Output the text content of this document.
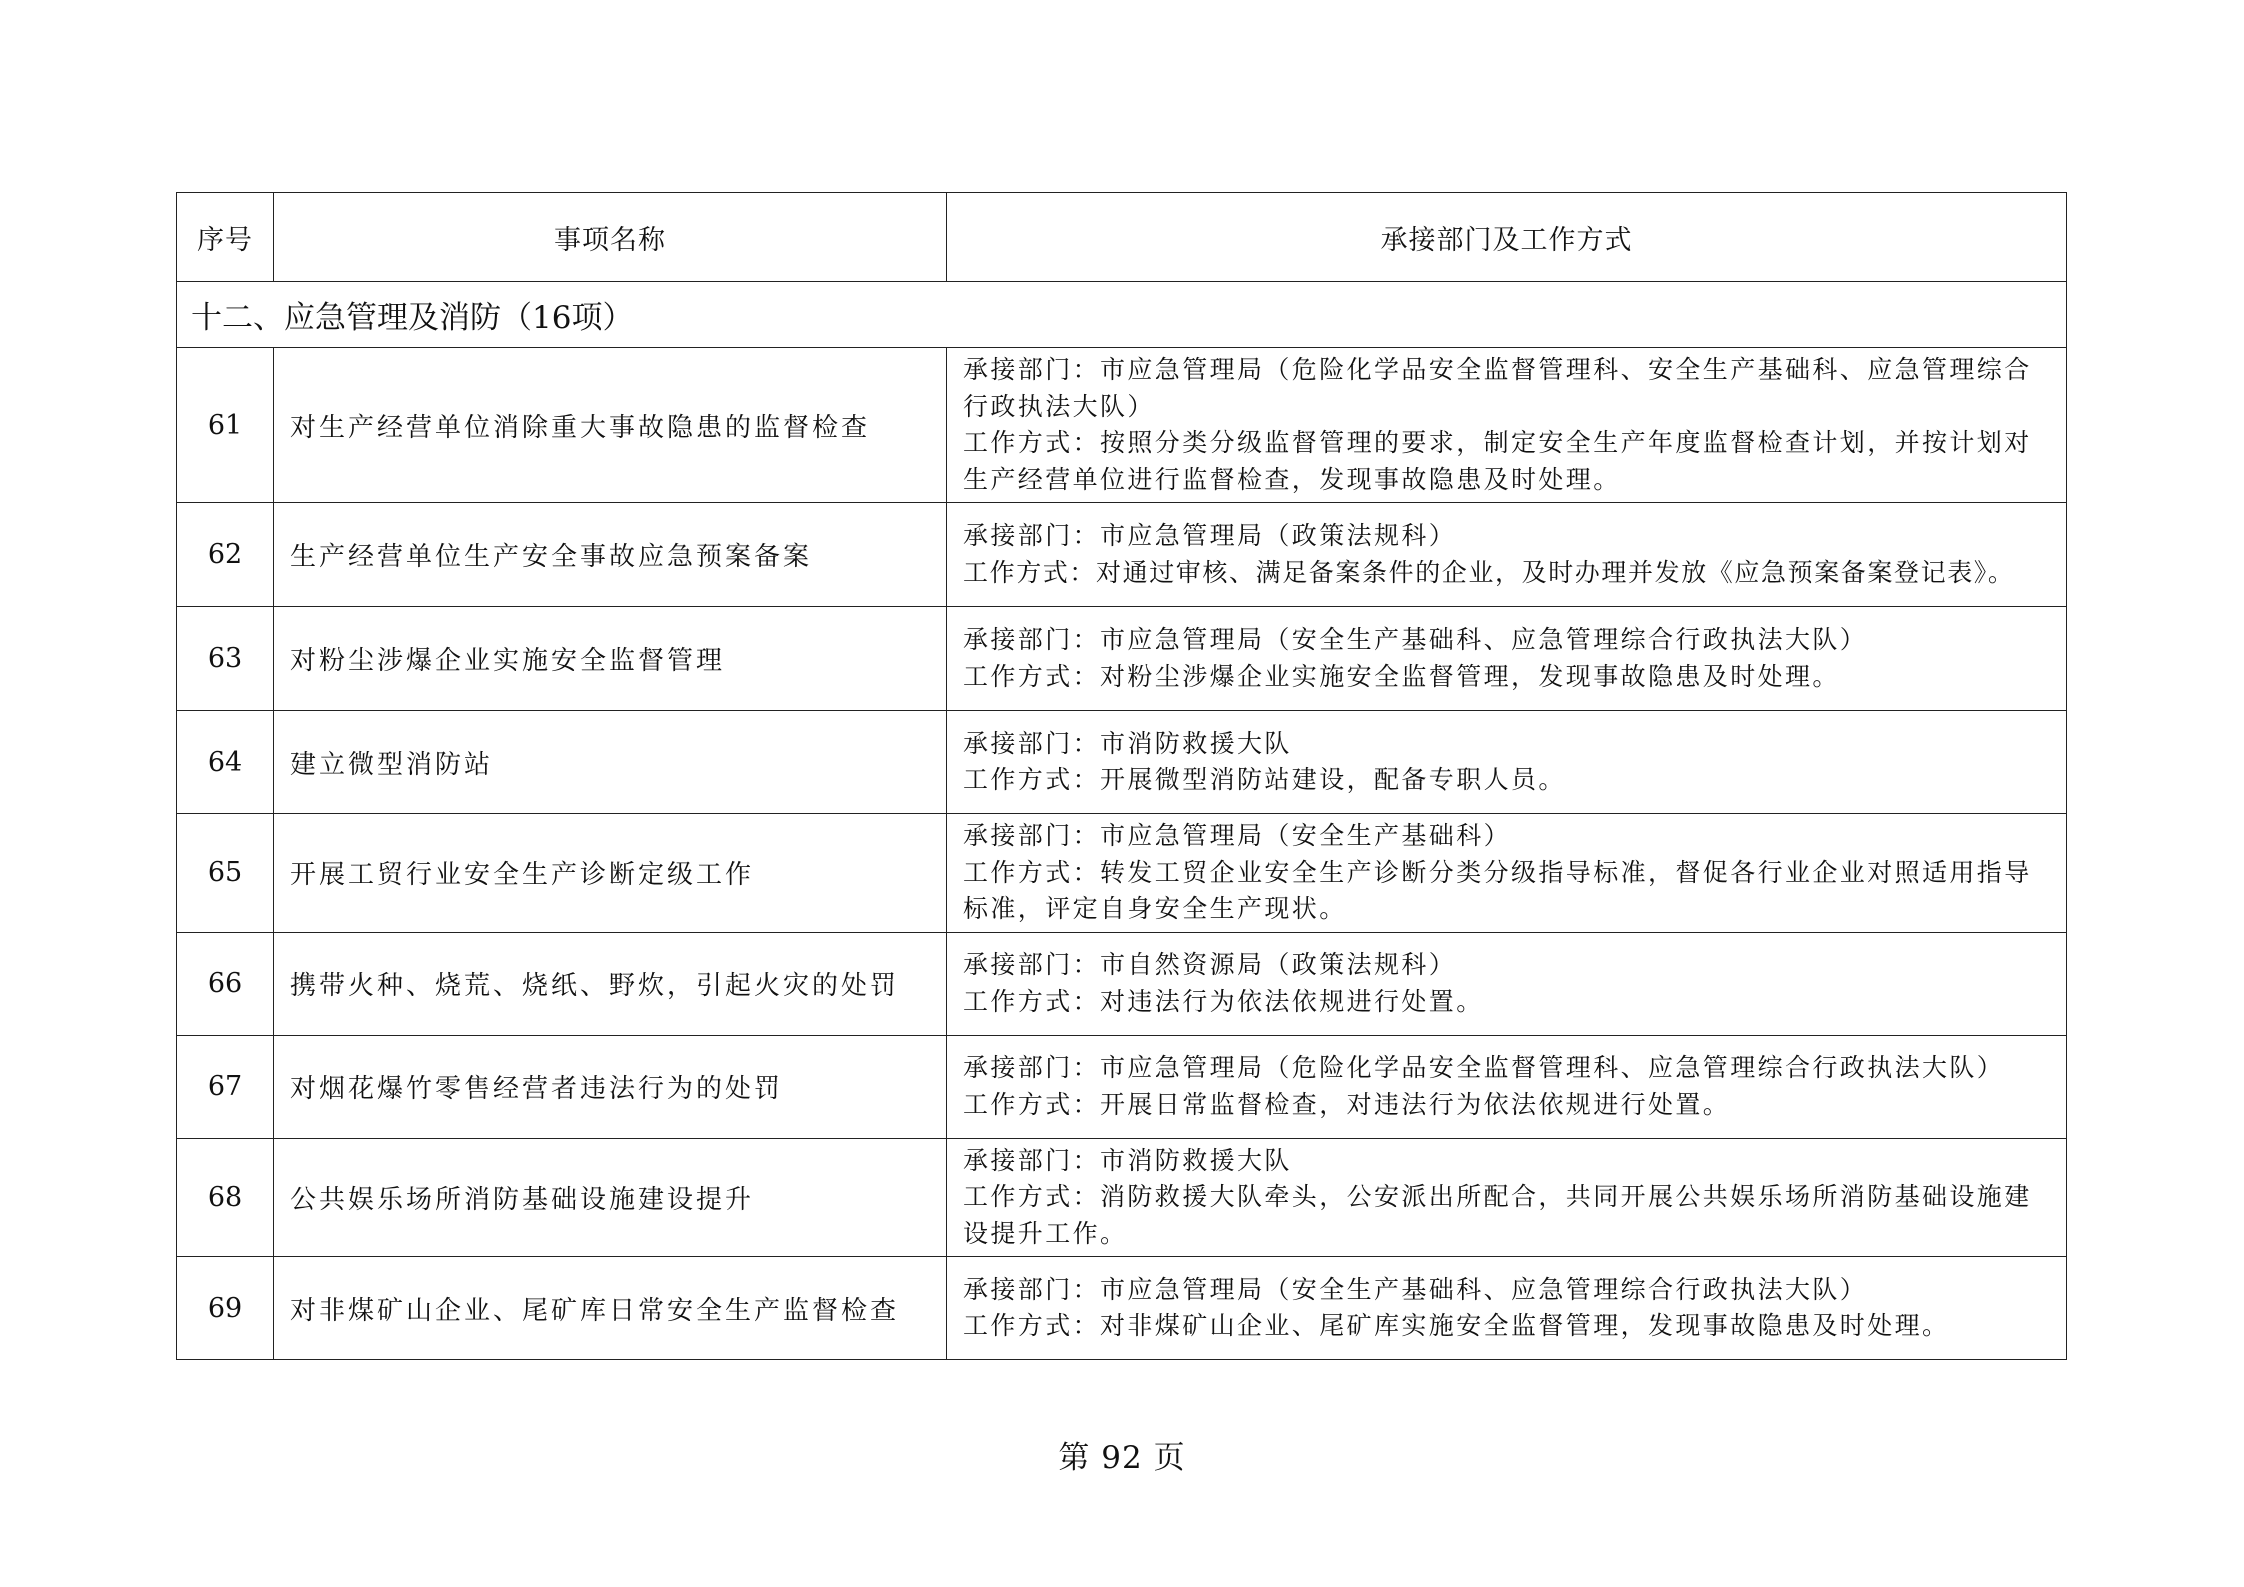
序号	事项名称	承接部门及工作方式
十二、应急管理及消防（16项）		
61	对生产经营单位消除重大事故隐患的监督检查	承接部门：市应急管理局（危险化学品安全监督管理科、安全生产基础科、应急管理综合行政执法大队）
工作方式：按照分类分级监督管理的要求，制定安全生产年度监督检查计划，并按计划对生产经营单位进行监督检查，发现事故隐患及时处理。

62	生产经营单位生产安全事故应急预案备案	承接部门：市应急管理局（政策法规科）
工作方式：对通过审核、满足备案条件的企业，及时办理并发放《应急预案备案登记表》。

63	对粉尘涉爆企业实施安全监督管理	承接部门：市应急管理局（安全生产基础科、应急管理综合行政执法大队）
工作方式：对粉尘涉爆企业实施安全监督管理，发现事故隐患及时处理。

64	建立微型消防站	承接部门：市消防救援大队
工作方式：开展微型消防站建设，配备专职人员。

65	开展工贸行业安全生产诊断定级工作	承接部门：市应急管理局（安全生产基础科）
工作方式：转发工贸企业安全生产诊断分类分级指导标准，督促各行业企业对照适用指导标准，评定自身安全生产现状。

66	携带火种、烧荒、烧纸、野炊，引起火灾的处罚	承接部门：市自然资源局（政策法规科）
工作方式：对违法行为依法依规进行处置。

67	对烟花爆竹零售经营者违法行为的处罚	承接部门：市应急管理局（危险化学品安全监督管理科、应急管理综合行政执法大队）
工作方式：开展日常监督检查，对违法行为依法依规进行处置。

68	公共娱乐场所消防基础设施建设提升	承接部门：市消防救援大队
工作方式：消防救援大队牵头，公安派出所配合，共同开展公共娱乐场所消防基础设施建设提升工作。

69	对非煤矿山企业、尾矿库日常安全生产监督检查	承接部门：市应急管理局（安全生产基础科、应急管理综合行政执法大队）
工作方式：对非煤矿山企业、尾矿库实施安全监督管理，发现事故隐患及时处理。
第 92 页
